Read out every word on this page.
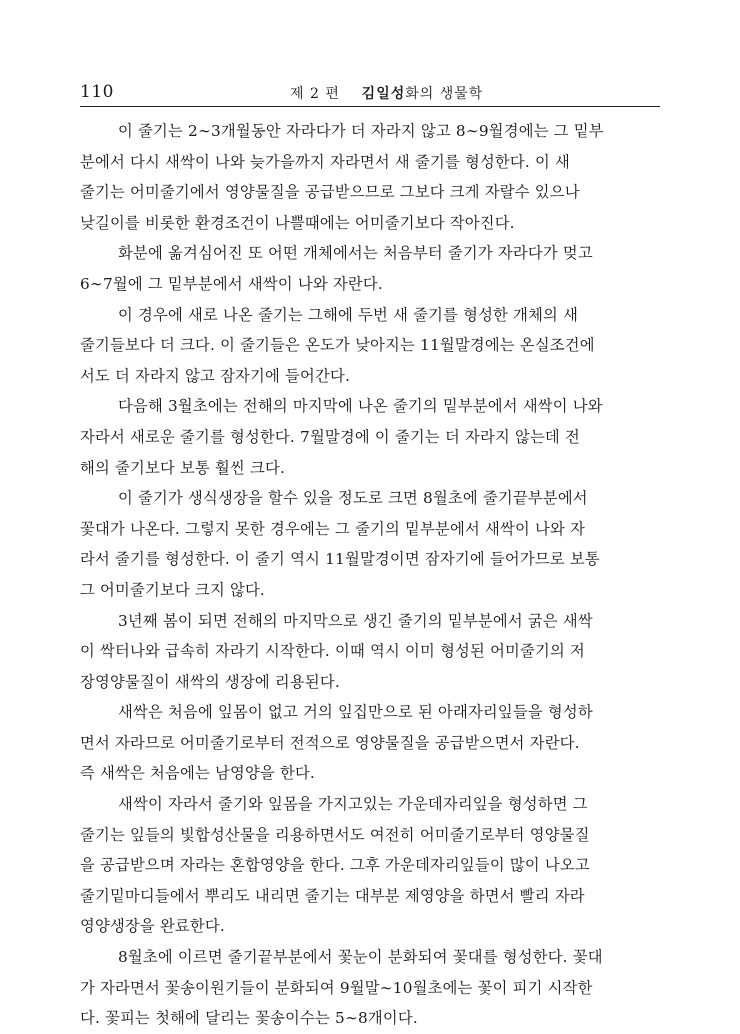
110	제 2 편 김일성화의 생물학
이 줄기는 2∼3개월동안 자라다가 더 자라지 않고 8∼9월경에는 그 밑부
분에서 다시 새싹이 나와 늦가을까지 자라면서 새 줄기를 형성한다. 이 새
줄기는 어미줄기에서 영양물질을 공급받으므로 그보다 크게 자랄수 있으나
낮길이를 비롯한 환경조건이 나쁠때에는 어미줄기보다 작아진다.
화분에 옮겨심어진 또 어떤 개체에서는 처음부터 줄기가 자라다가 멎고
6∼7월에 그 밑부분에서 새싹이 나와 자란다.
이 경우에 새로 나온 줄기는 그해에 두번 새 줄기를 형성한 개체의 새
줄기들보다 더 크다. 이 줄기들은 온도가 낮아지는 11월말경에는 온실조건에
서도 더 자라지 않고 잠자기에 들어간다.
다음해 3월초에는 전해의 마지막에 나온 줄기의 밑부분에서 새싹이 나와
자라서 새로운 줄기를 형성한다. 7월말경에 이 줄기는 더 자라지 않는데 전
해의 줄기보다 보통 훨씬 크다.
이 줄기가 생식생장을 할수 있을 정도로 크면 8월초에 줄기끝부분에서
꽃대가 나온다. 그렇지 못한 경우에는 그 줄기의 밑부분에서 새싹이 나와 자
라서 줄기를 형성한다. 이 줄기 역시 11월말경이면 잠자기에 들어가므로 보통
그 어미줄기보다 크지 않다.
3년째 봄이 되면 전해의 마지막으로 생긴 줄기의 밑부분에서 굵은 새싹
이 싹터나와 급속히 자라기 시작한다. 이때 역시 이미 형성된 어미줄기의 저
장영양물질이 새싹의 생장에 리용된다.
새싹은 처음에 잎몸이 없고 거의 잎집만으로 된 아래자리잎들을 형성하
면서 자라므로 어미줄기로부터 전적으로 영양물질을 공급받으면서 자란다.
즉 새싹은 처음에는 남영양을 한다.
새싹이 자라서 줄기와 잎몸을 가지고있는 가운데자리잎을 형성하면 그
줄기는 잎들의 빛합성산물을 리용하면서도 여전히 어미줄기로부터 영양물질
을 공급받으며 자라는 혼합영양을 한다. 그후 가운데자리잎들이 많이 나오고
줄기밑마디들에서 뿌리도 내리면 줄기는 대부분 제영양을 하면서 빨리 자라
영양생장을 완료한다.
8월초에 이르면 줄기끝부분에서 꽃눈이 분화되여 꽃대를 형성한다. 꽃대
가 자라면서 꽃송이원기들이 분화되여 9월말∼10월초에는 꽃이 피기 시작한
다. 꽃피는 첫해에 달리는 꽃송이수는 5∼8개이다.
